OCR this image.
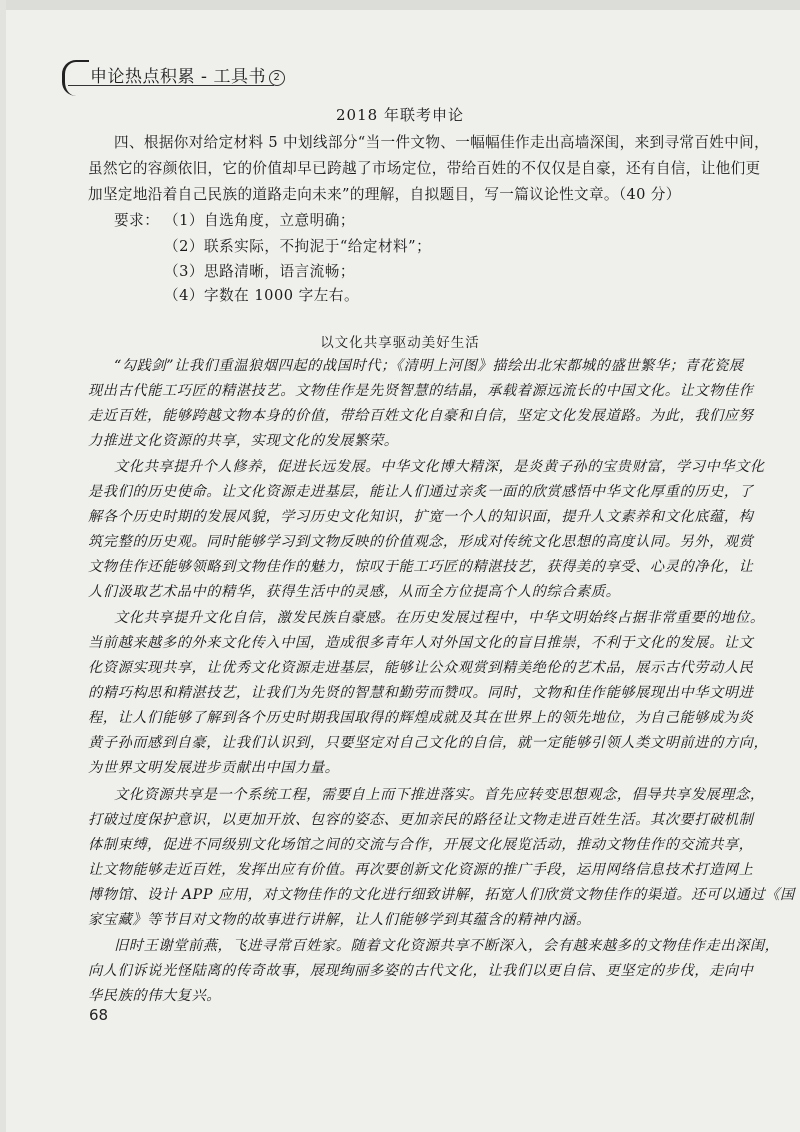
申论热点积累 - 工具书 2
2018 年联考申论
四、根据你对给定材料 5 中划线部分“当一件文物、一幅幅佳作走出高墙深闺，来到寻常百姓中间，
虽然它的容颜依旧，它的价值却早已跨越了市场定位，带给百姓的不仅仅是自豪，还有自信，让他们更
加坚定地沿着自己民族的道路走向未来”的理解，自拟题目，写一篇议论性文章。（40 分）
要求： （1）自选角度，立意明确；
（2）联系实际，不拘泥于“给定材料”；
（3）思路清晰，语言流畅；
（4）字数在 1000 字左右。
以文化共享驱动美好生活
“勾践剑”让我们重温狼烟四起的战国时代；《清明上河图》描绘出北宋都城的盛世繁华；青花瓷展
现出古代能工巧匠的精湛技艺。文物佳作是先贤智慧的结晶，承载着源远流长的中国文化。让文物佳作
走近百姓，能够跨越文物本身的价值，带给百姓文化自豪和自信，坚定文化发展道路。为此，我们应努
力推进文化资源的共享，实现文化的发展繁荣。
文化共享提升个人修养，促进长远发展。中华文化博大精深，是炎黄子孙的宝贵财富，学习中华文化
是我们的历史使命。让文化资源走进基层，能让人们通过亲炙一面的欣赏感悟中华文化厚重的历史，了
解各个历史时期的发展风貌，学习历史文化知识，扩宽一个人的知识面，提升人文素养和文化底蕴，构
筑完整的历史观。同时能够学习到文物反映的价值观念，形成对传统文化思想的高度认同。另外，观赏
文物佳作还能够领略到文物佳作的魅力，惊叹于能工巧匠的精湛技艺，获得美的享受、心灵的净化，让
人们汲取艺术品中的精华，获得生活中的灵感，从而全方位提高个人的综合素质。
文化共享提升文化自信，激发民族自豪感。在历史发展过程中，中华文明始终占据非常重要的地位。
当前越来越多的外来文化传入中国，造成很多青年人对外国文化的盲目推崇，不利于文化的发展。让文
化资源实现共享，让优秀文化资源走进基层，能够让公众观赏到精美绝伦的艺术品，展示古代劳动人民
的精巧构思和精湛技艺，让我们为先贤的智慧和勤劳而赞叹。同时，文物和佳作能够展现出中华文明进
程，让人们能够了解到各个历史时期我国取得的辉煌成就及其在世界上的领先地位，为自己能够成为炎
黄子孙而感到自豪，让我们认识到，只要坚定对自己文化的自信，就一定能够引领人类文明前进的方向，
为世界文明发展进步贡献出中国力量。
文化资源共享是一个系统工程，需要自上而下推进落实。首先应转变思想观念，倡导共享发展理念，
打破过度保护意识，以更加开放、包容的姿态、更加亲民的路径让文物走进百姓生活。其次要打破机制
体制束缚，促进不同级别文化场馆之间的交流与合作，开展文化展览活动，推动文物佳作的交流共享，
让文物能够走近百姓，发挥出应有价值。再次要创新文化资源的推广手段，运用网络信息技术打造网上
博物馆、设计 APP 应用，对文物佳作的文化进行细致讲解，拓宽人们欣赏文物佳作的渠道。还可以通过《国
家宝藏》等节目对文物的故事进行讲解，让人们能够学到其蕴含的精神内涵。
旧时王谢堂前燕，飞进寻常百姓家。随着文化资源共享不断深入，会有越来越多的文物佳作走出深闺，
向人们诉说光怪陆离的传奇故事，展现绚丽多姿的古代文化，让我们以更自信、更坚定的步伐，走向中
华民族的伟大复兴。
68
